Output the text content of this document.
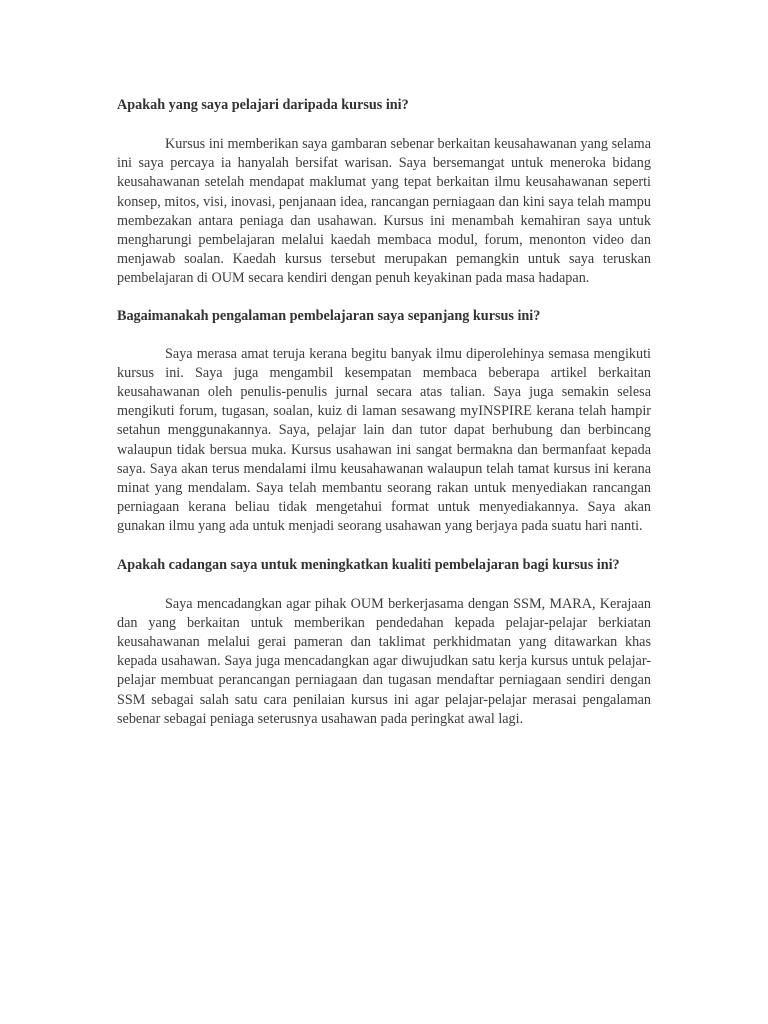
Apakah yang saya pelajari daripada kursus ini?

Kursus ini memberikan saya gambaran sebenar berkaitan keusahawanan yang selama ini saya percaya ia hanyalah bersifat warisan. Saya bersemangat untuk meneroka bidang keusahawanan setelah mendapat maklumat yang tepat berkaitan ilmu keusahawanan seperti konsep, mitos, visi, inovasi, penjanaan idea, rancangan perniagaan dan kini saya telah mampu membezakan antara peniaga dan usahawan. Kursus ini menambah kemahiran saya untuk mengharungi pembelajaran melalui kaedah membaca modul, forum, menonton video dan menjawab soalan. Kaedah kursus tersebut merupakan pemangkin untuk saya teruskan pembelajaran di OUM secara kendiri dengan penuh keyakinan pada masa hadapan.

Bagaimanakah pengalaman pembelajaran saya sepanjang kursus ini?

Saya merasa amat teruja kerana begitu banyak ilmu diperolehinya semasa mengikuti kursus ini. Saya juga mengambil kesempatan membaca beberapa artikel berkaitan keusahawanan oleh penulis-penulis jurnal secara atas talian. Saya juga semakin selesa mengikuti forum, tugasan, soalan, kuiz di laman sesawang myINSPIRE kerana telah hampir setahun menggunakannya. Saya, pelajar lain dan tutor dapat berhubung dan berbincang walaupun tidak bersua muka. Kursus usahawan ini sangat bermakna dan bermanfaat kepada saya. Saya akan terus mendalami ilmu keusahawanan walaupun telah tamat kursus ini kerana minat yang mendalam. Saya telah membantu seorang rakan untuk menyediakan rancangan perniagaan kerana beliau tidak mengetahui format untuk menyediakannya. Saya akan gunakan ilmu yang ada untuk menjadi seorang usahawan yang berjaya pada suatu hari nanti.

Apakah cadangan saya untuk meningkatkan kualiti pembelajaran bagi kursus ini?

Saya mencadangkan agar pihak OUM berkerjasama dengan SSM, MARA, Kerajaan dan yang berkaitan untuk memberikan pendedahan kepada pelajar-pelajar berkiatan keusahawanan melalui gerai pameran dan taklimat perkhidmatan yang ditawarkan khas kepada usahawan. Saya juga mencadangkan agar diwujudkan satu kerja kursus untuk pelajar-pelajar membuat perancangan perniagaan dan tugasan mendaftar perniagaan sendiri dengan SSM sebagai salah satu cara penilaian kursus ini agar pelajar-pelajar merasai pengalaman sebenar sebagai peniaga seterusnya usahawan pada peringkat awal lagi.
